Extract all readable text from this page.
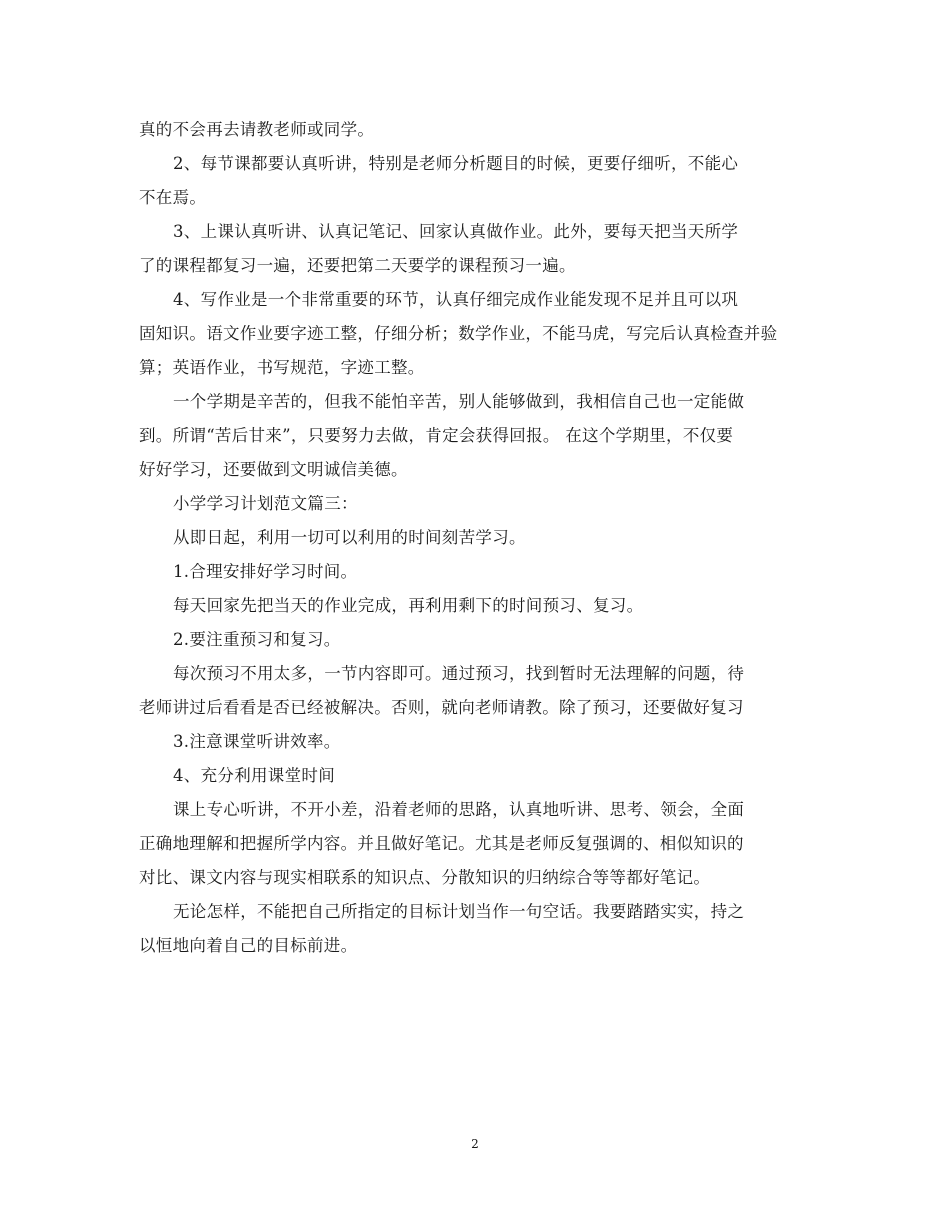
真的不会再去请教老师或同学。
2、每节课都要认真听讲，特别是老师分析题目的时候，更要仔细听，不能心
不在焉。
3、上课认真听讲、认真记笔记、回家认真做作业。此外，要每天把当天所学
了的课程都复习一遍，还要把第二天要学的课程预习一遍。
4、写作业是一个非常重要的环节，认真仔细完成作业能发现不足并且可以巩
固知识。语文作业要字迹工整，仔细分析；数学作业，不能马虎，写完后认真检查并验
算；英语作业，书写规范，字迹工整。
一个学期是辛苦的，但我不能怕辛苦，别人能够做到，我相信自己也一定能做
到。所谓“苦后甘来”，只要努力去做，肯定会获得回报。 在这个学期里，不仅要
好好学习，还要做到文明诚信美德。
小学学习计划范文篇三：
从即日起，利用一切可以利用的时间刻苦学习。
1.合理安排好学习时间。
每天回家先把当天的作业完成，再利用剩下的时间预习、复习。
2.要注重预习和复习。
每次预习不用太多，一节内容即可。通过预习，找到暂时无法理解的问题，待
老师讲过后看看是否已经被解决。否则，就向老师请教。除了预习，还要做好复习
3.注意课堂听讲效率。
4、充分利用课堂时间
课上专心听讲，不开小差，沿着老师的思路，认真地听讲、思考、领会，全面
正确地理解和把握所学内容。并且做好笔记。尤其是老师反复强调的、相似知识的
对比、课文内容与现实相联系的知识点、分散知识的归纳综合等等都好笔记。
无论怎样，不能把自己所指定的目标计划当作一句空话。我要踏踏实实，持之
以恒地向着自己的目标前进。
2
